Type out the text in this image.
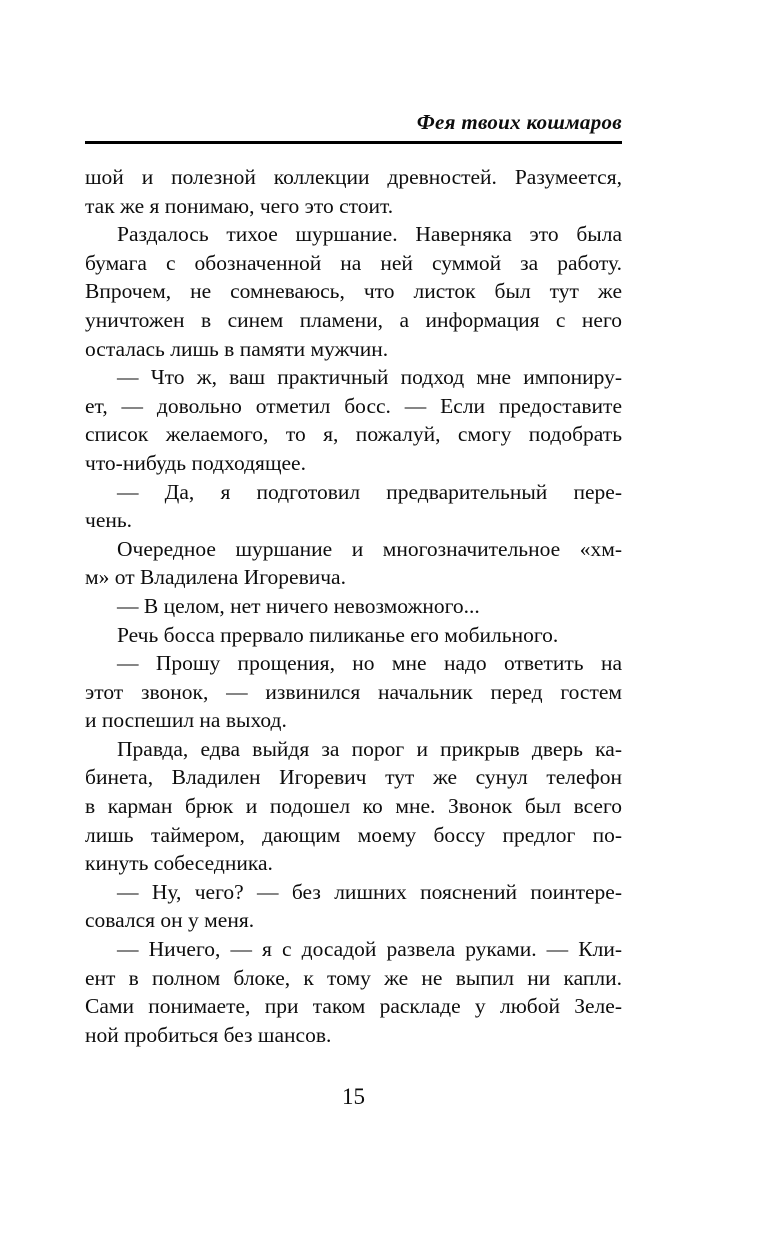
Фея твоих кошмаров
шой и полезной коллекции древностей. Разумеется,
так же я понимаю, чего это стоит.
Раздалось тихое шуршание. Наверняка это была
бумага с обозначенной на ней суммой за работу.
Впрочем, не сомневаюсь, что листок был тут же
уничтожен в синем пламени, а информация с него
осталась лишь в памяти мужчин.
— Что ж, ваш практичный подход мне импониру-
ет, — довольно отметил босс. — Если предоставите
список желаемого, то я, пожалуй, смогу подобрать
что-нибудь подходящее.
— Да, я подготовил предварительный пере-
чень.
Очередное шуршание и многозначительное «хм-
м» от Владилена Игоревича.
— В целом, нет ничего невозможного...
Речь босса прервало пиликанье его мобильного.
— Прошу прощения, но мне надо ответить на
этот звонок, — извинился начальник перед гостем
и поспешил на выход.
Правда, едва выйдя за порог и прикрыв дверь ка-
бинета, Владилен Игоревич тут же сунул телефон
в карман брюк и подошел ко мне. Звонок был всего
лишь таймером, дающим моему боссу предлог по-
кинуть собеседника.
— Ну, чего? — без лишних пояснений поинтере-
совался он у меня.
— Ничего, — я с досадой развела руками. — Кли-
ент в полном блоке, к тому же не выпил ни капли.
Сами понимаете, при таком раскладе у любой Зеле-
ной пробиться без шансов.
15
